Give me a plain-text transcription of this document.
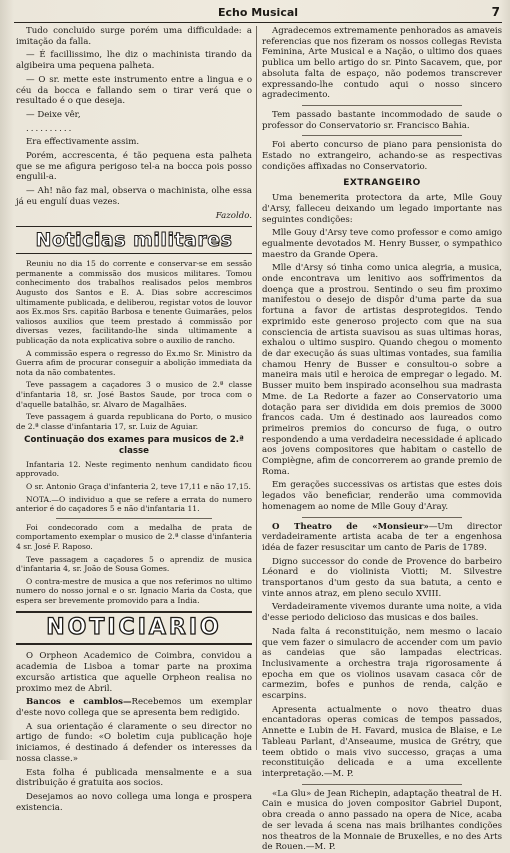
Echo Musical	7

Tudo concluido surge porém uma difficuldade: a imitação da falla.

— É facillissimo, lhe diz o machinista tirando da algibeira uma pequena palheta.

— O sr. mette este instrumento entre a lingua e o céu da bocca e fallando sem o tirar verá que o resultado é o que deseja.

— Deixe vêr,

..........

Era effectivamente assim.

Porém, accrescenta, é tão pequena esta palheta que se me afigura perigoso tel-a na bocca pois posso engulil-a.

— Ah! não faz mal, observa o machinista, olhe essa já eu engulí duas vezes.

Fazoldo.

Noticias militares

Reuniu no dia 15 do corrente e conservar-se em sessão permanente a commissão dos musicos militares. Tomou conhecimento dos trabalhos realisados pelos membros Augusto dos Santos e E. A. Dias sobre accrescimos ultimamente publicada, e deliberou, registar votos de louvor aos Ex.mos Srs. capitão Barbosa e tenente Guimarães, pelos valiosos auxilios que teem prestado á commissão por diversas vezes, facilitando-lhe sinda ultimamente a publicação da nota explicativa sobre o auxilio de rancho.

A commissão espera o regresso do Ex.mo Sr. Ministro da Guerra afim de procurar conseguir a abolição immediata da nota da não combatentes.

Teve passagem a caçadores 3 o musico de 2.ª classe d'infantaria 18, sr. José Bastos Saude, por troca com o d'aquelle batalhão, sr. Alvaro de Magalhães.

Teve passagem á guarda republicana do Porto, o musico de 2.ª classe d'infantaria 17, sr. Luiz de Aguiar.

Continuação dos exames para musicos de 2.ª classe

Infantaria 12. Neste regimento nenhum candidato ficou approvado.

O sr. Antonio Graça d'infanteria 2, teve 17,11 e não 17,15.

NOTA.—O individuo a que se refere a errata do numero anterior é do caçadores 5 e não d'infantaria 11.

Foi condecorado com a medalha de prata de comportamento exemplar o musico de 2.ª classe d'infanteria 4 sr. José F. Raposo.

Teve passagem a caçadores 5 o aprendiz de musica d'infantaria 4, sr. João de Sousa Gomes.

O contra-mestre de musica a que nos referimos no ultimo numero do nosso jornal e o sr. Ignacio Maria da Costa, que espera ser brevemente promovido para a India.

NOTICIARIO

O Orpheon Academico de Coimbra, convidou a academia de Lisboa a tomar parte na proxima excursão artistica que aquelle Orpheon realisa no proximo mez de Abril.

Bancos e camblos—Recebemos um exemplar d'este novo collega que se apresenta bem redigido.

A sua orientação é claramente o seu director no artigo de fundo: «O boletim cuja publicação hoje iniciamos, é destinado á defender os interesses da nossa classe.»

Esta folha é publicada mensalmente e a sua distribuição é gratuita aos socios.

Desejamos ao novo collega uma longa e prospera existencia.

Agradecemos extremamente penhorados as amaveis referencias que nos fizeram os nossos collegas Revista Feminina, Arte Musical e a Nação, o ultimo dos quaes publica um bello artigo do sr. Pinto Sacavem, que, por absoluta falta de espaço, não podemos transcrever expressando-lhe contudo aqui o nosso sincero agradecimento.

Tem passado bastante incommodado de saude o professor do Conservatorio sr. Francisco Bahia.

Foi aberto concurso de piano para pensionista do Estado no extrangeiro, achando-se as respectivas condições affixadas no Conservatorio.

EXTRANGEIRO

Uma benemerita protectora da arte, Mlle Gouy d'Arsy, falleceu deixando um legado importante nas seguintes condições:

Mlle Gouy d'Arsy teve como professor e como amigo egualmente devotados M. Henry Busser, o sympathico maestro da Grande Opera.

Mlle d'Arsy só tinha como unica alegria, a musica, onde encontrava um lenitivo aos soffrimentos da doença que a prostrou. Sentindo o seu fim proximo manifestou o desejo de dispôr d'uma parte da sua fortuna a favor de artistas desprotegidos. Tendo exprimido este generoso projecto com que na sua consciencia de artista suavisou as suas ultimas horas, exhalou o ultimo suspiro. Quando chegou o momento de dar execução ás suas ultimas vontades, sua familia chamou Henry de Busser e consultou-o sobre a maneira mais util e heroica de empregar o legado. M. Busser muito bem inspirado aconselhou sua madrasta Mme. de La Redorte a fazer ao Conservatorio uma dotação para ser dividida em dois premios de 3000 francos cada. Um é destinado aos laureados como primeiros premios do concurso de fuga, o outro respondendo a uma verdadeira necessidade é aplicado aos jovens compositores que habitam o castello de Compiègne, afim de concorrerem ao grande premio de Roma.

Em gerações successivas os artistas que estes dois legados vão beneficiar, renderão uma commovida homenagem ao nome de Mlle Gouy d'Aray.

O Theatro de «Monsieur»—Um director verdadeiramente artista acaba de ter a engenhosa idéa de fazer resuscitar um canto de Paris de 1789.

Digno successor do conde de Provence do barbeiro Léonard e do violinista Viotti; M. Silvestre transportanos d'um gesto da sua batuta, a cento e vinte annos atraz, em pleno seculo XVIII.

Verdadeiramente vivemos durante uma noite, a vida d'esse periodo delicioso das musicas e dos bailes.

Nada falta á reconstituição, nem mesmo o lacaio que vem fazer o simulacro de accender com um pavio as candeias que são lampadas electricas. Inclusivamente a orchestra traja rigorosamente á epocha em que os violinos usavam casaca côr de carmezim, bofes e punhos de renda, calção e escarpins.

Apresenta actualmente o novo theatro duas encantadoras operas comicas de tempos passados, Annette e Lubin de H. Favard, musica de Blaise, e Le Tableau Parlant, d'Anseaume, musica de Grétry, que teem obtido o mais vivo successo, graças a uma reconstituição delicada e a uma excellente interpretação.—M. P.

«La Glu» de Jean Richepin, adaptação theatral de H. Cain e musica do joven compositor Gabriel Dupont, obra creada o anno passado na opera de Nice, acaba de ser levada á scena nas mais brilhantes condições nos theatros de la Monnaie de Bruxelles, e no des Arts de Rouen.—M. P.
